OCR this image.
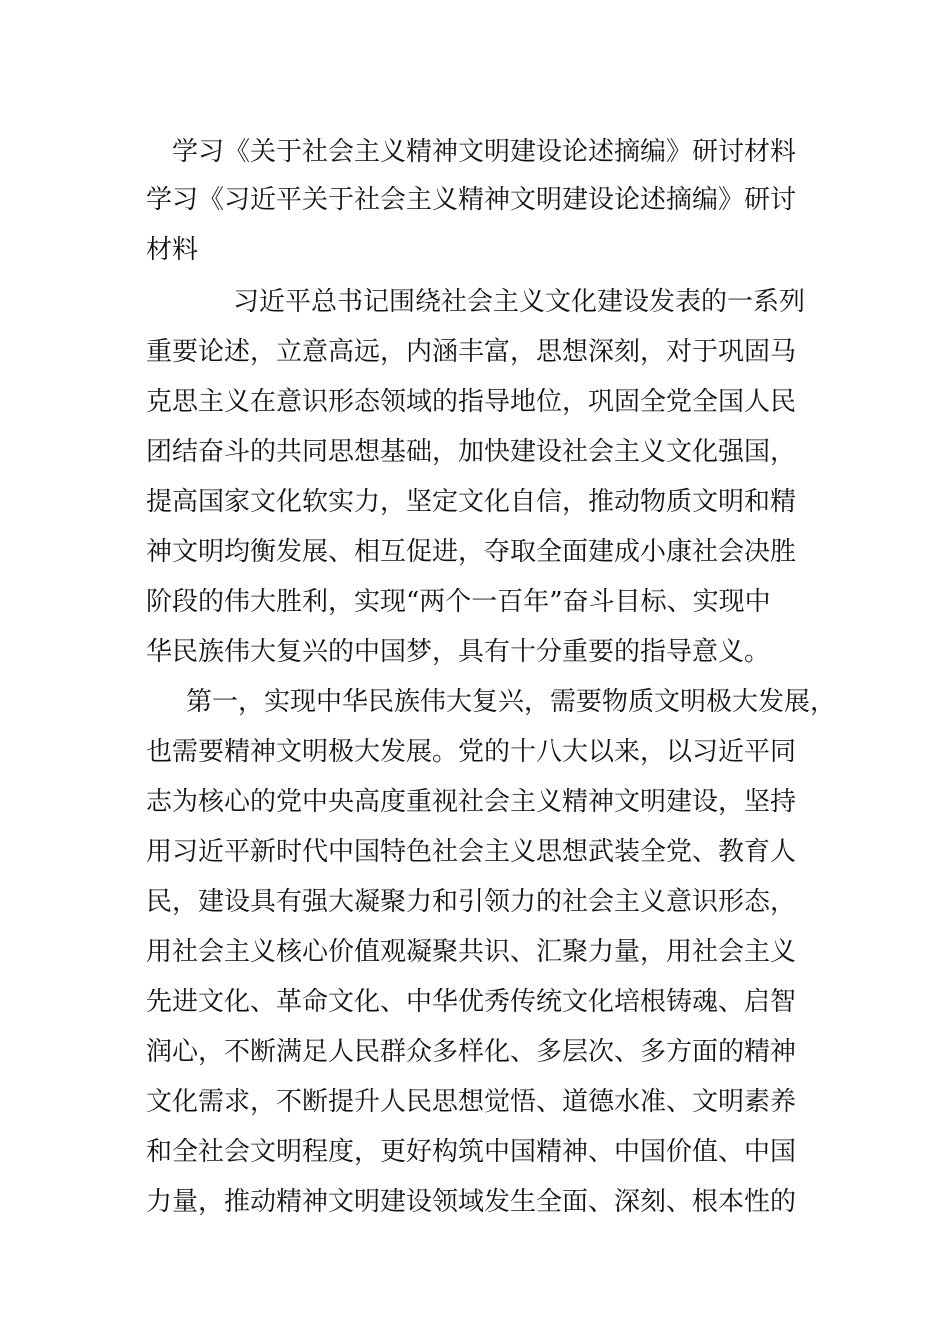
学习《关于社会主义精神文明建设论述摘编》研讨材料
学习《习近平关于社会主义精神文明建设论述摘编》研讨
材料
习近平总书记围绕社会主义文化建设发表的一系列
重要论述，立意高远，内涵丰富，思想深刻，对于巩固马
克思主义在意识形态领域的指导地位，巩固全党全国人民
团结奋斗的共同思想基础，加快建设社会主义文化强国，
提高国家文化软实力，坚定文化自信，推动物质文明和精
神文明均衡发展、相互促进，夺取全面建成小康社会决胜
阶段的伟大胜利，实现“两个一百年”奋斗目标、实现中
华民族伟大复兴的中国梦，具有十分重要的指导意义。
第一，实现中华民族伟大复兴，需要物质文明极大发展，
也需要精神文明极大发展。党的十八大以来，以习近平同
志为核心的党中央高度重视社会主义精神文明建设，坚持
用习近平新时代中国特色社会主义思想武装全党、教育人
民，建设具有强大凝聚力和引领力的社会主义意识形态，
用社会主义核心价值观凝聚共识、汇聚力量，用社会主义
先进文化、革命文化、中华优秀传统文化培根铸魂、启智
润心，不断满足人民群众多样化、多层次、多方面的精神
文化需求，不断提升人民思想觉悟、道德水准、文明素养
和全社会文明程度，更好构筑中国精神、中国价值、中国
力量，推动精神文明建设领域发生全面、深刻、根本性的
